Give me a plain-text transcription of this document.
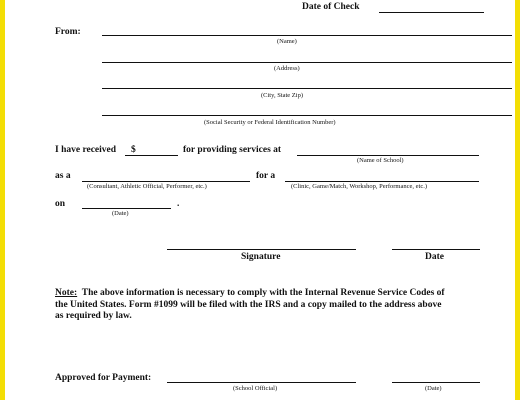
Date of Check
From:
(Name)
(Address)
(City, State Zip)
(Social Security or Federal Identification Number)
I have received $	for providing services at
(Name of School)
as a
(Consultant, Athletic Official, Performer, etc.)
for a
(Clinic, Game/Match, Workshop, Performance, etc.)
on	.
(Date)
Signature	Date
Note: The above information is necessary to comply with the Internal Revenue Service Codes of
the United States. Form #1099 will be filed with the IRS and a copy mailed to the address above
as required by law.
Approved for Payment:
(School Official)	(Date)
